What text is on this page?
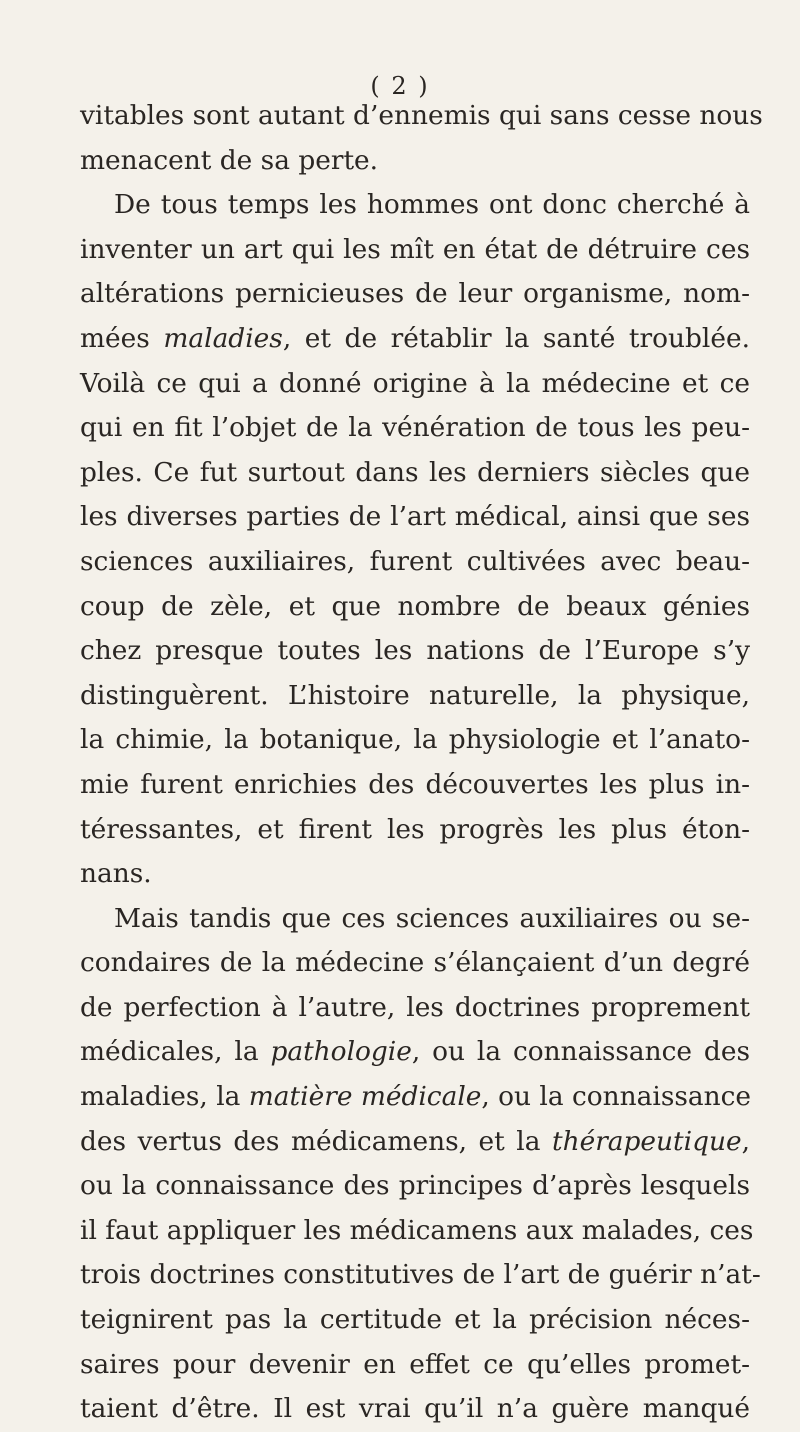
( 2 )
vitables sont autant d’ennemis qui sans cesse nous
menacent de sa perte.
De tous temps les hommes ont donc cherché à
inventer un art qui les mît en état de détruire ces
altérations pernicieuses de leur organisme, nom-
mées maladies, et de rétablir la santé troublée.
Voilà ce qui a donné origine à la médecine et ce
qui en fit l’objet de la vénération de tous les peu-
ples. Ce fut surtout dans les derniers siècles que
les diverses parties de l’art médical, ainsi que ses
sciences auxiliaires, furent cultivées avec beau-
coup de zèle, et que nombre de beaux génies
chez presque toutes les nations de l’Europe s’y
distinguèrent. L’histoire naturelle, la physique,
la chimie, la botanique, la physiologie et l’anato-
mie furent enrichies des découvertes les plus in-
téressantes, et firent les progrès les plus éton-
nans.
Mais tandis que ces sciences auxiliaires ou se-
condaires de la médecine s’élançaient d’un degré
de perfection à l’autre, les doctrines proprement
médicales, la pathologie, ou la connaissance des
maladies, la matière médicale, ou la connaissance
des vertus des médicamens, et la thérapeutique,
ou la connaissance des principes d’après lesquels
il faut appliquer les médicamens aux malades, ces
trois doctrines constitutives de l’art de guérir n’at-
teignirent pas la certitude et la précision néces-
saires pour devenir en effet ce qu’elles promet-
taient d’être. Il est vrai qu’il n’a guère manqué
